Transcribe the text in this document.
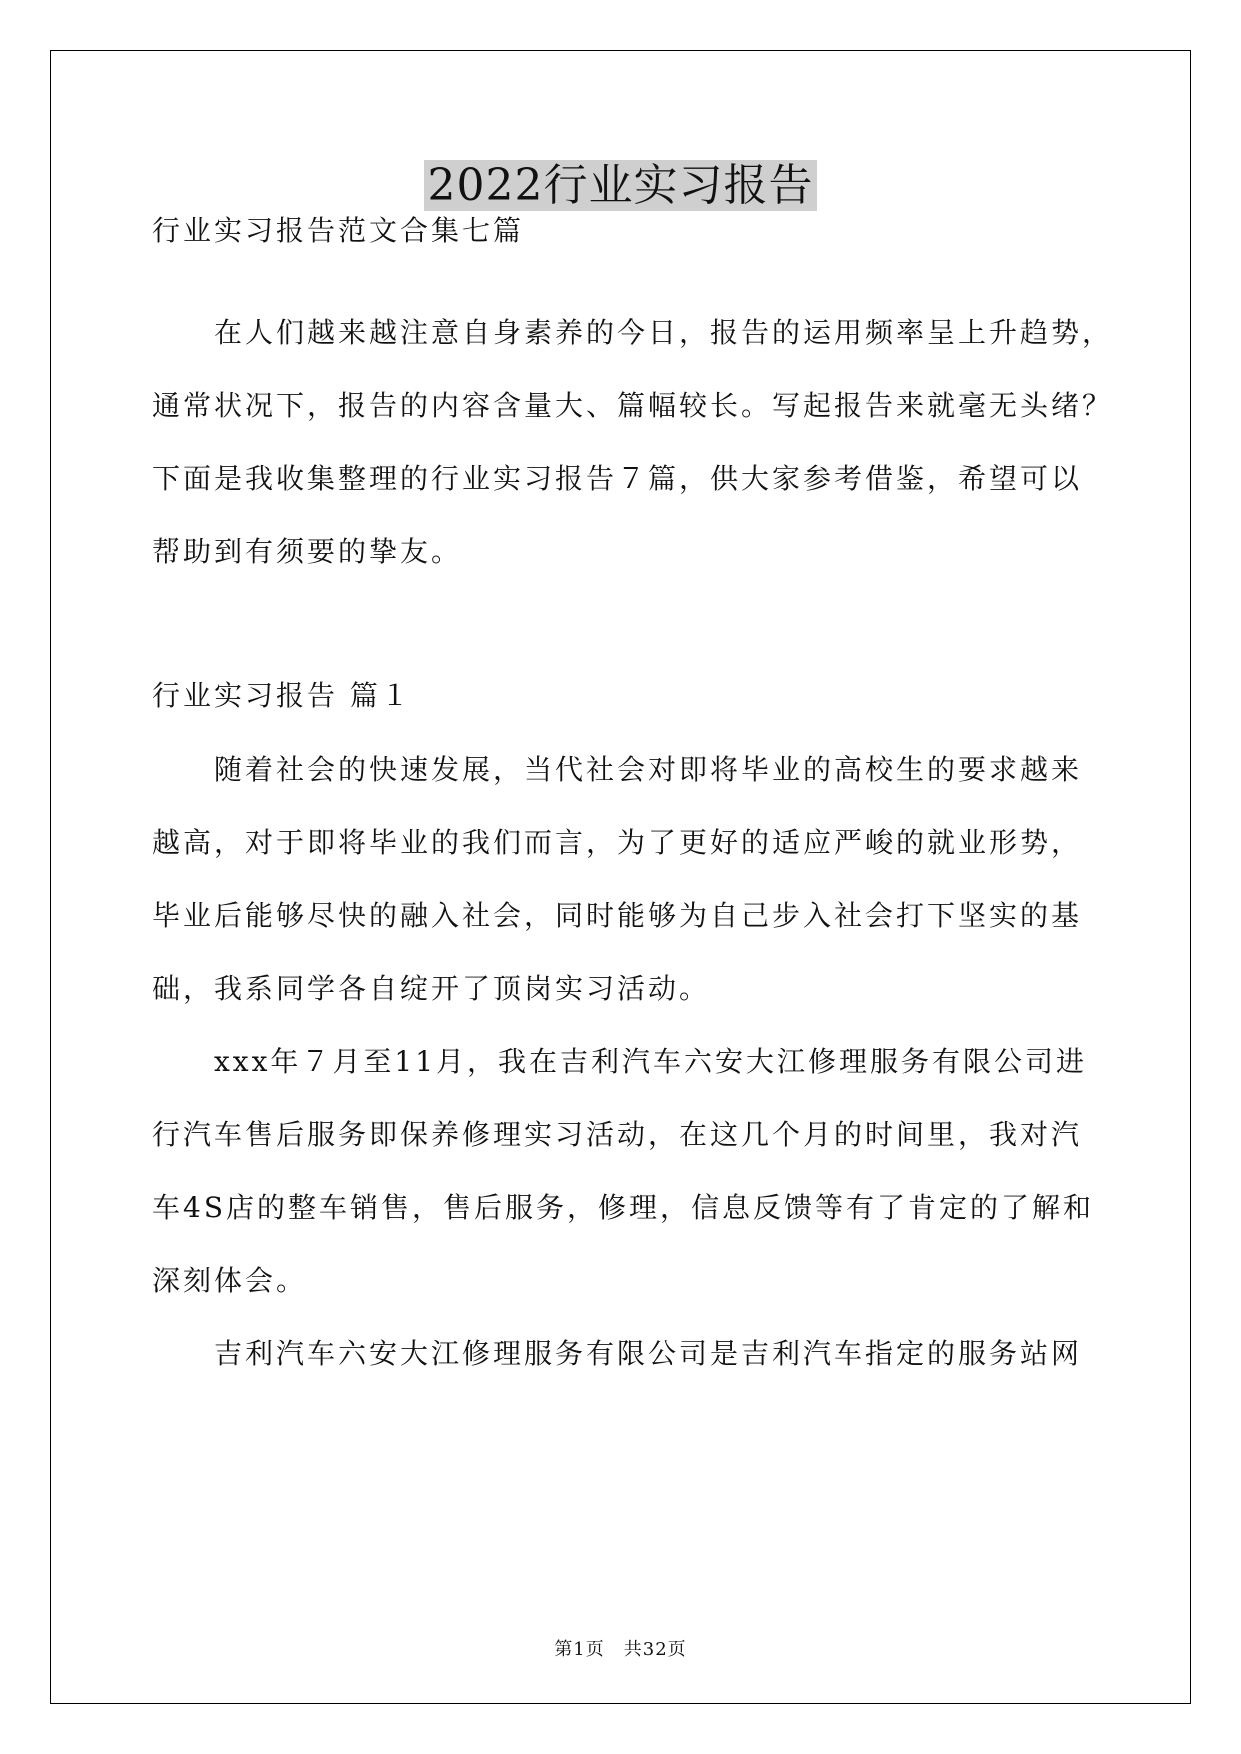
2022行业实习报告
行业实习报告范文合集七篇
　　在人们越来越注意自身素养的今日，报告的运用频率呈上升趋势，
通常状况下，报告的内容含量大、篇幅较长。写起报告来就毫无头绪？
下面是我收集整理的行业实习报告７篇，供大家参考借鉴，希望可以
帮助到有须要的挚友。
行业实习报告 篇１
　　随着社会的快速发展，当代社会对即将毕业的高校生的要求越来
越高，对于即将毕业的我们而言，为了更好的适应严峻的就业形势，
毕业后能够尽快的融入社会，同时能够为自己步入社会打下坚实的基
础，我系同学各自绽开了顶岗实习活动。
　　xxx年７月至11月，我在吉利汽车六安大江修理服务有限公司进
行汽车售后服务即保养修理实习活动，在这几个月的时间里，我对汽
车4S店的整车销售，售后服务，修理，信息反馈等有了肯定的了解和
深刻体会。
　　吉利汽车六安大江修理服务有限公司是吉利汽车指定的服务站网
第1页　共32页
